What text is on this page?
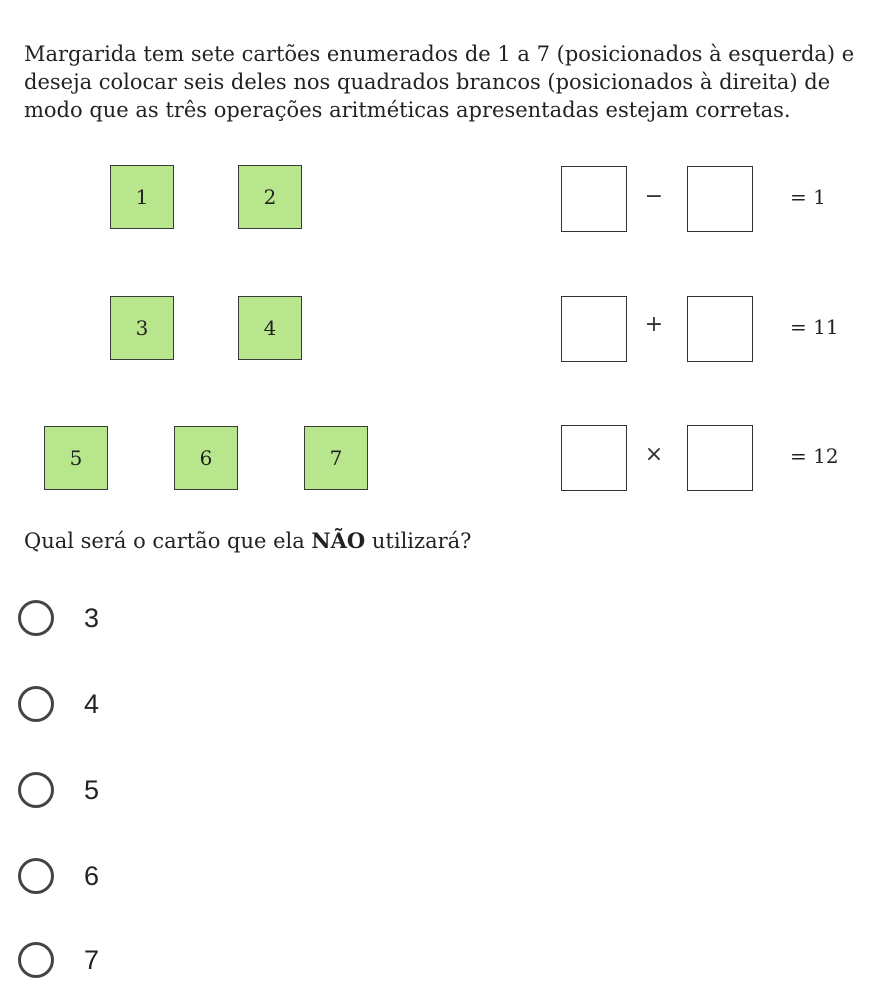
Margarida tem sete cartões enumerados de 1 a 7 (posicionados à esquerda) e deseja colocar seis deles nos quadrados brancos (posicionados à direita) de modo que as três operações aritméticas apresentadas estejam corretas.
1	2
3	4
5	6	7
−	= 1
+	= 11
×	= 12
Qual será o cartão que ela NÃO utilizará?
3
4
5
6
7
